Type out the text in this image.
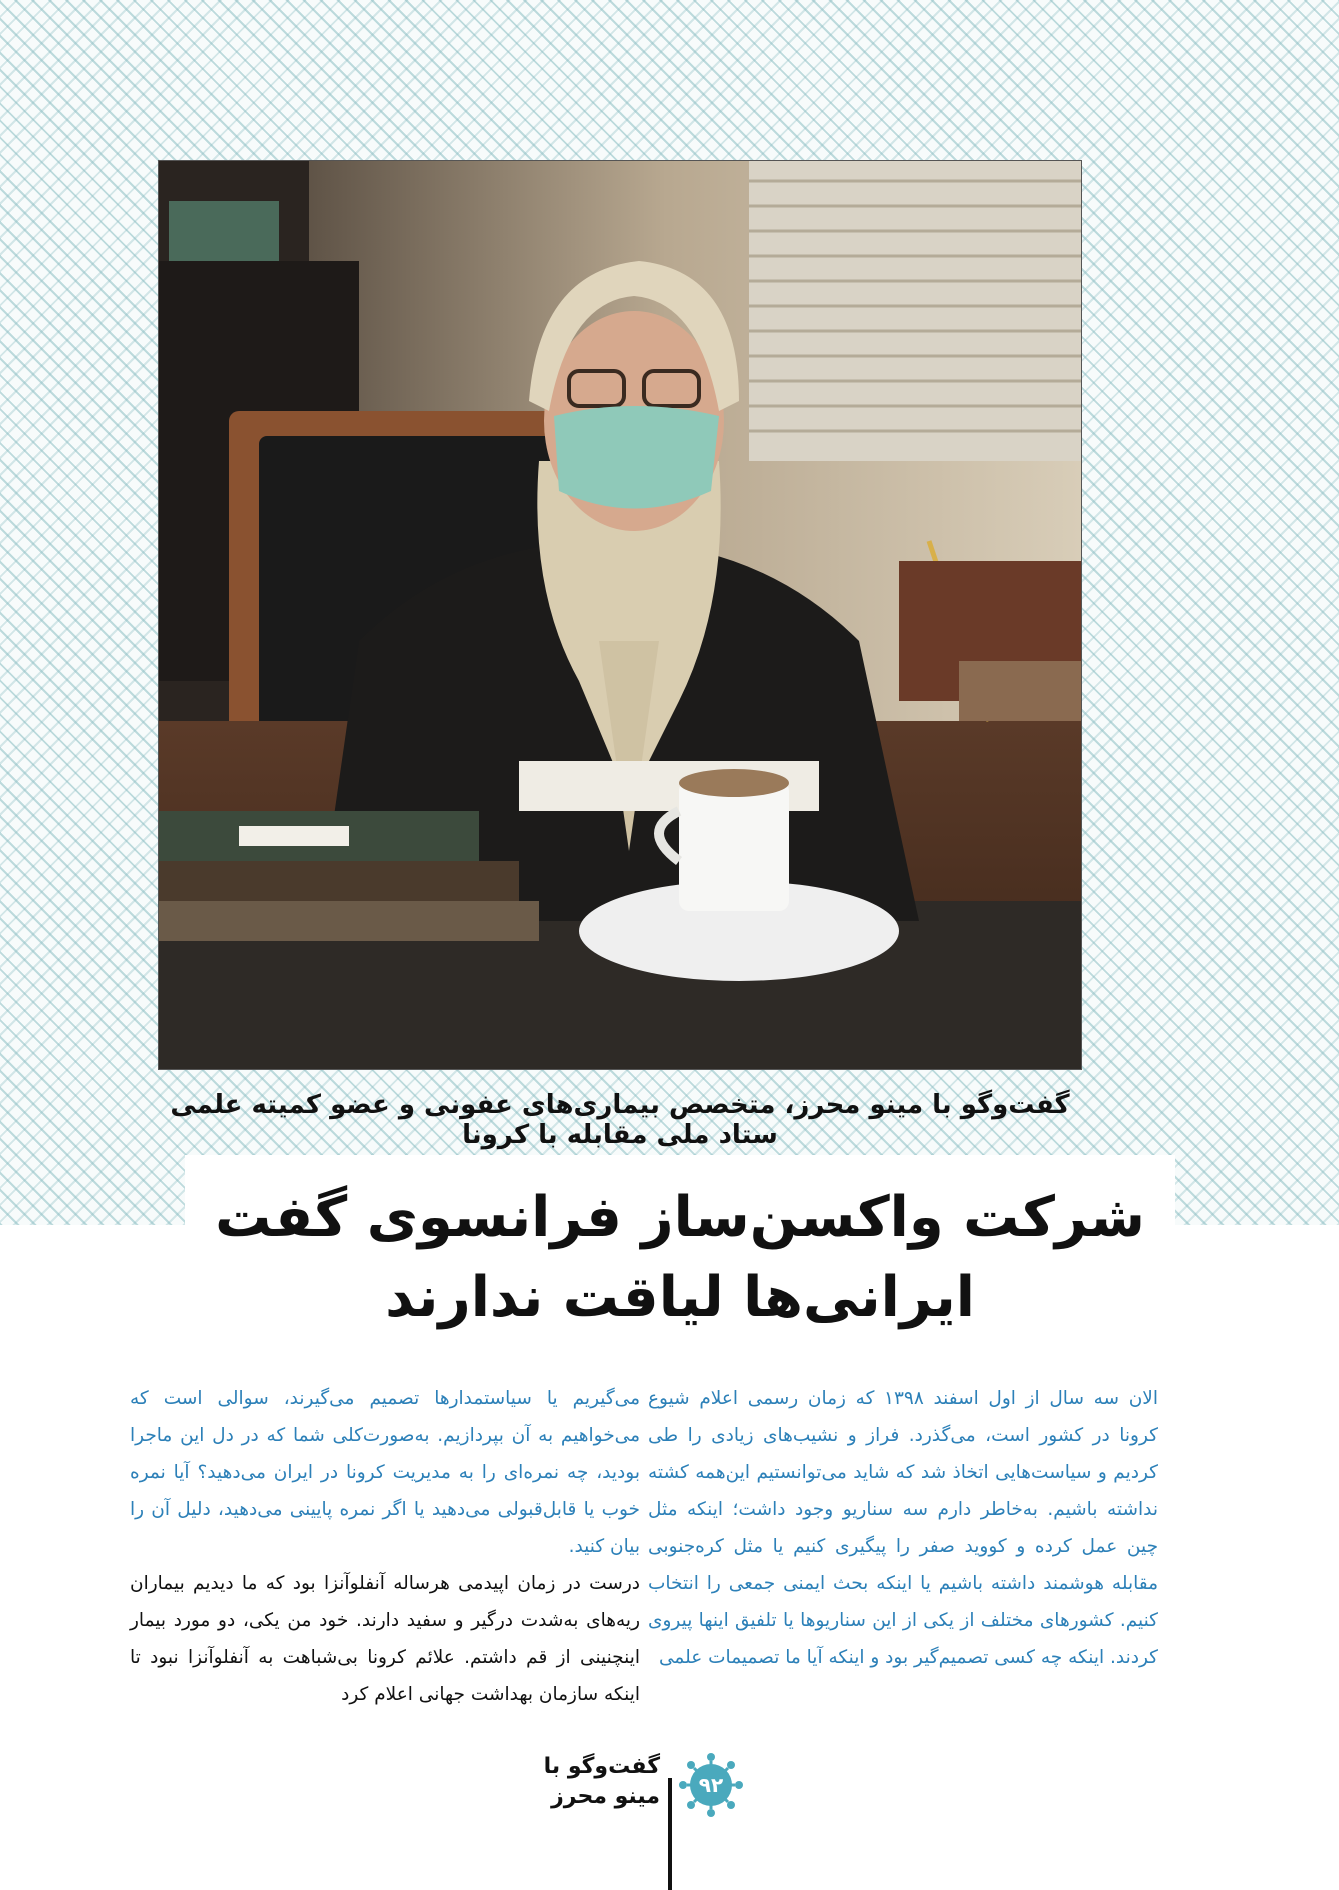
گفت‌وگو با مینو محرز، متخصص بیماری‌های عفونی و عضو کمیته علمی ستاد ملی مقابله با کرونا
شرکت واکسن‌ساز فرانسوی گفت
ایرانی‌ها لیاقت ندارند

الان سه سال از اول اسفند ۱۳۹۸ که زمان رسمی اعلام شیوع کرونا در کشور است، می‌گذرد. فراز و نشیب‌های زیادی را طی کردیم و سیاست‌هایی اتخاذ شد که شاید می‌توانستیم این‌همه کشته نداشته باشیم. به‌خاطر دارم سه سناریو وجود داشت؛ اینکه مثل چین عمل کرده و کووید صفر را پیگیری کنیم یا مثل کره‌جنوبی مقابله هوشمند داشته باشیم یا اینکه بحث ایمنی جمعی را انتخاب کنیم. کشورهای مختلف از یکی از این سناریوها یا تلفیق اینها پیروی کردند. اینکه چه کسی تصمیم‌گیر بود و اینکه آیا ما تصمیمات علمی

می‌گیریم یا سیاستمدارها تصمیم می‌گیرند، سوالی است که می‌خواهیم به آن بپردازیم. به‌صورت‌کلی شما که در دل این ماجرا بودید، چه نمره‌ای را به مدیریت کرونا در ایران می‌دهید؟ آیا نمره خوب یا قابل‌قبولی می‌دهید یا اگر نمره پایینی می‌دهید، دلیل آن را بیان کنید.

درست در زمان اپیدمی هرساله آنفلوآنزا بود که ما دیدیم بیماران ریه‌های به‌شدت درگیر و سفید دارند. خود من یکی، دو مورد بیمار اینچنینی از قم داشتم. علائم کرونا بی‌شباهت به آنفلوآنزا نبود تا اینکه سازمان بهداشت جهانی اعلام کرد

۹۲
گفت‌وگو با
مینو محرز
